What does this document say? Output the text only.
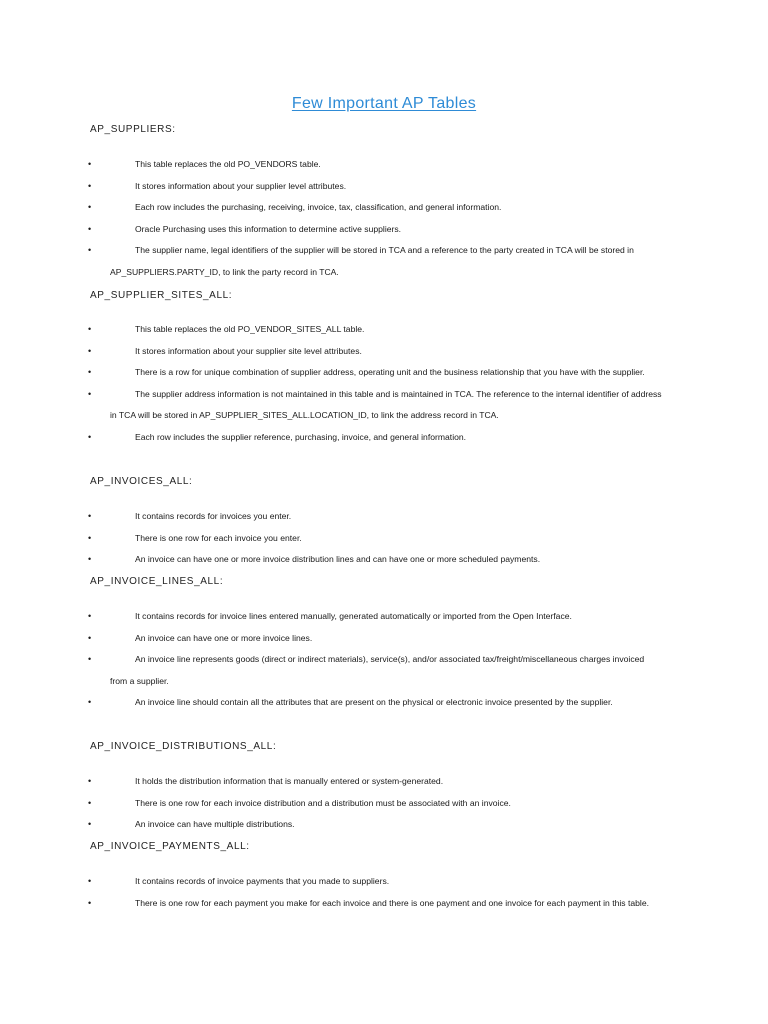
Few Important AP Tables
AP_SUPPLIERS:
•	This table replaces the old PO_VENDORS table.
•	It stores information about your supplier level attributes.
•	Each row includes the purchasing, receiving, invoice, tax, classification, and general information.
•	Oracle Purchasing uses this information to determine active suppliers.
•	The supplier name, legal identifiers of the supplier will be stored in TCA and a reference to the party created in TCA will be stored in AP_SUPPLIERS.PARTY_ID, to link the party record in TCA.
AP_SUPPLIER_SITES_ALL:
•	This table replaces the old PO_VENDOR_SITES_ALL table.
•	It stores information about your supplier site level attributes.
•	There is a row for unique combination of supplier address, operating unit and the business relationship that you have with the supplier.
•	The supplier address information is not maintained in this table and is maintained in TCA. The reference to the internal identifier of address in TCA will be stored in AP_SUPPLIER_SITES_ALL.LOCATION_ID, to link the address record in TCA.
•	Each row includes the supplier reference, purchasing, invoice, and general information.
AP_INVOICES_ALL:
•	It contains records for invoices you enter.
•	There is one row for each invoice you enter.
•	An invoice can have one or more invoice distribution lines and can have one or more scheduled payments.
AP_INVOICE_LINES_ALL:
•	It contains records for invoice lines entered manually, generated automatically or imported from the Open Interface.
•	An invoice can have one or more invoice lines.
•	An invoice line represents goods (direct or indirect materials), service(s), and/or associated tax/freight/miscellaneous charges invoiced from a supplier.
•	An invoice line should contain all the attributes that are present on the physical or electronic invoice presented by the supplier.
AP_INVOICE_DISTRIBUTIONS_ALL:
•	It holds the distribution information that is manually entered or system-generated.
•	There is one row for each invoice distribution and a distribution must be associated with an invoice.
•	An invoice can have multiple distributions.
AP_INVOICE_PAYMENTS_ALL:
•	It contains records of invoice payments that you made to suppliers.
•	There is one row for each payment you make for each invoice and there is one payment and one invoice for each payment in this table.
